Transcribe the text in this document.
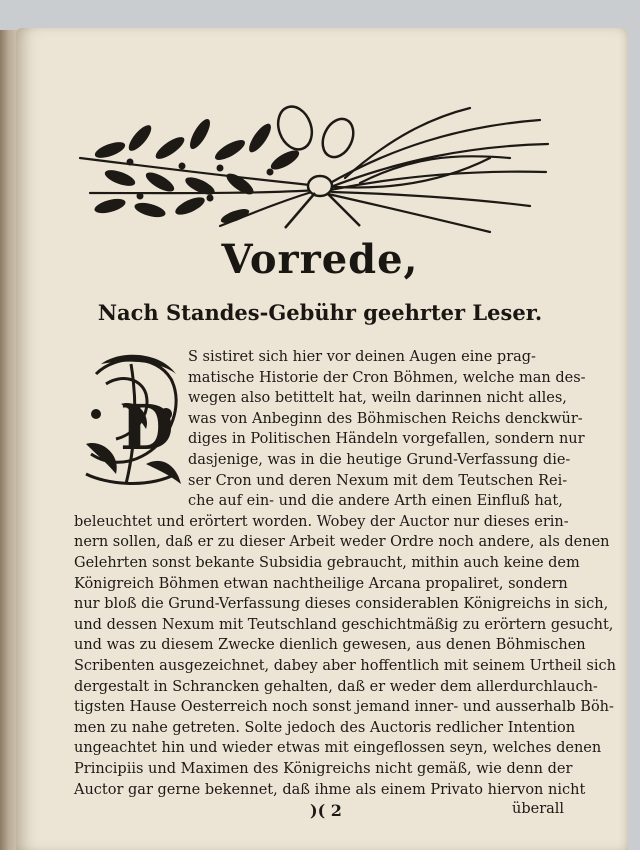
Vorrede,
Nach Standes-Gebühr geehrter Leser.
D

S sistiret sich hier vor deinen Augen eine prag-

matische Historie der Cron Böhmen, welche man des-

wegen also betittelt hat, weiln darinnen nicht alles,

was von Anbeginn des Böhmischen Reichs denckwür-

diges in Politischen Händeln vorgefallen, sondern nur

dasjenige, was in die heutige Grund-Verfassung die-

ser Cron und deren Nexum mit dem Teutschen Rei-

che auf ein- und die andere Arth einen Einfluß hat,

beleuchtet und erörtert worden. Wobey der Auctor nur dieses erin-

nern sollen, daß er zu dieser Arbeit weder Ordre noch andere, als denen

Gelehrten sonst bekante Subsidia gebraucht, mithin auch keine dem

Königreich Böhmen etwan nachtheilige Arcana propaliret, sondern

nur bloß die Grund-Verfassung dieses considerablen Königreichs in sich,

und dessen Nexum mit Teutschland geschichtmäßig zu erörtern gesucht,

und was zu diesem Zwecke dienlich gewesen, aus denen Böhmischen

Scribenten ausgezeichnet, dabey aber hoffentlich mit seinem Urtheil sich

dergestalt in Schrancken gehalten, daß er weder dem allerdurchlauch-

tigsten Hause Oesterreich noch sonst jemand inner- und ausserhalb Böh-

men zu nahe getreten. Solte jedoch des Auctoris redlicher Intention

ungeachtet hin und wieder etwas mit eingeflossen seyn, welches denen

Principiis und Maximen des Königreichs nicht gemäß, wie denn der

Auctor gar gerne bekennet, daß ihme als einem Privato hiervon nicht

)( 2	überall
